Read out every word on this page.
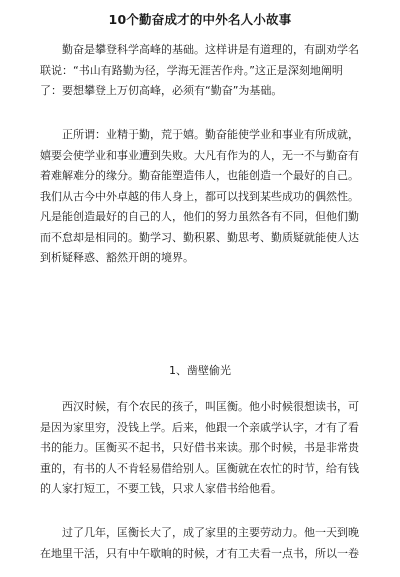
10个勤奋成才的中外名人小故事
勤奋是攀登科学高峰的基础。这样讲是有道理的，有副劝学名
联说：“书山有路勤为径，学海无涯苦作舟。”这正是深刻地阐明
了：要想攀登上万仞高峰，必须有“勤奋”为基础。
正所谓：业精于勤，荒于嬉。勤奋能使学业和事业有所成就，
嬉要会使学业和事业遭到失败。大凡有作为的人，无一不与勤奋有
着难解难分的缘分。勤奋能塑造伟人，也能创造一个最好的自己。
我们从古今中外卓越的伟人身上，都可以找到某些成功的偶然性。
凡是能创造最好的自己的人，他们的努力虽然各有不同，但他们勤
而不怠却是相同的。勤学习、勤积累、勤思考、勤质疑就能使人达
到析疑释惑、豁然开朗的境界。
1、凿壁偷光
西汉时候，有个农民的孩子，叫匡衡。他小时候很想读书，可
是因为家里穷，没钱上学。后来，他跟一个亲戚学认字，才有了看
书的能力。匡衡买不起书，只好借书来读。那个时候，书是非常贵
重的，有书的人不肯轻易借给别人。匡衡就在农忙的时节，给有钱
的人家打短工，不要工钱，只求人家借书给他看。
过了几年，匡衡长大了，成了家里的主要劳动力。他一天到晚
在地里干活，只有中午歇晌的时候，才有工夫看一点书，所以一卷
